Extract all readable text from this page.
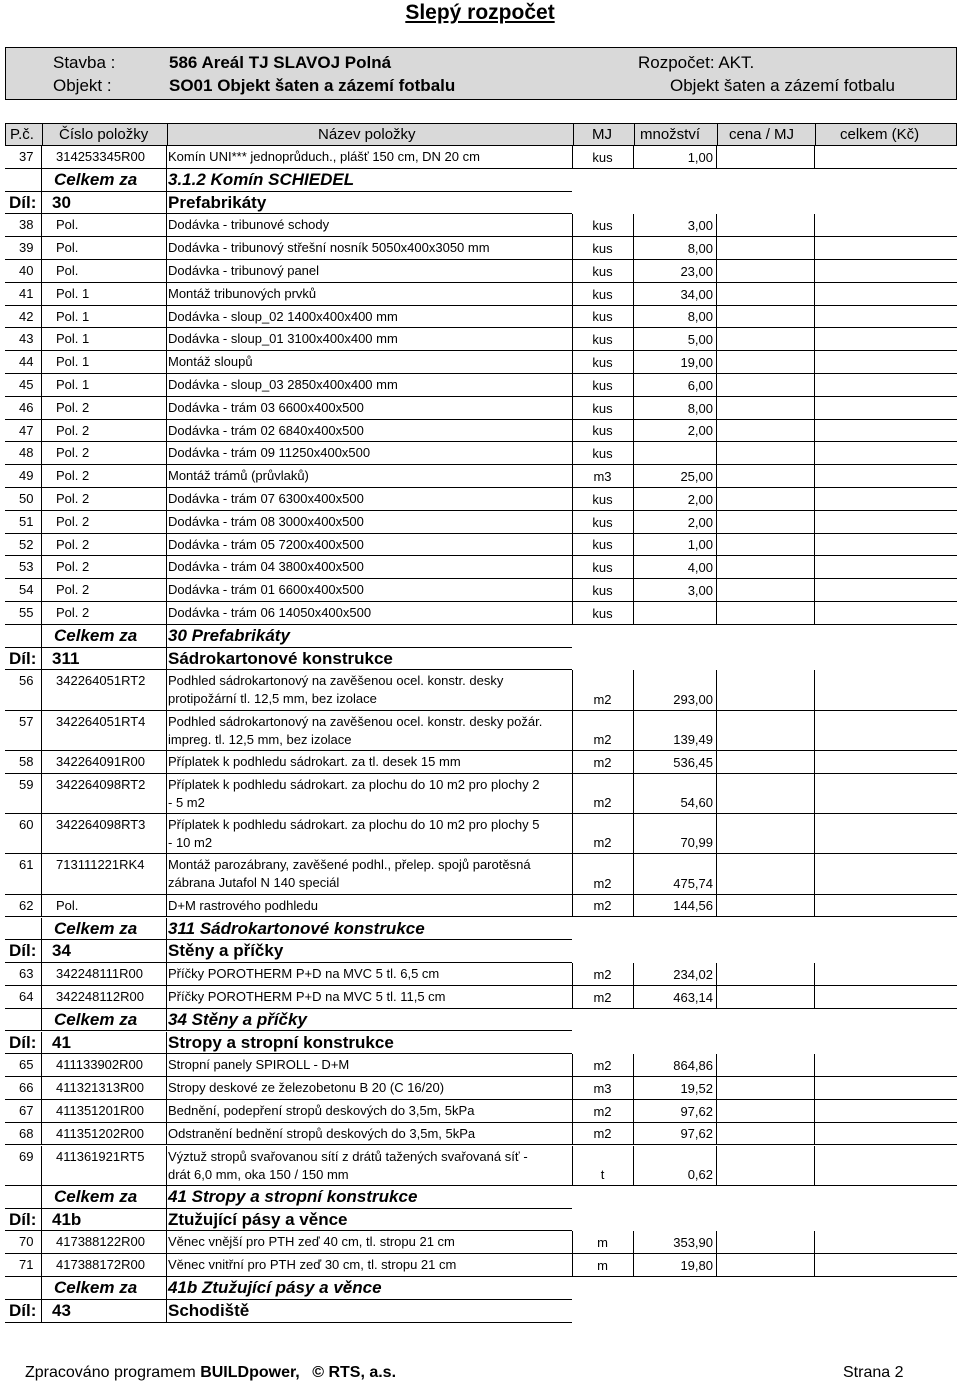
Slepý rozpočet
Stavba :	586 Areál TJ SLAVOJ Polná
Objekt :	SO01 Objekt šaten a zázemí fotbalu
Rozpočet: AKT.
Objekt šaten a zázemí fotbalu
P.č. Číslo položky	Název položky	MJ množství cena / MJ	celkem (Kč)
37 314253345R00 Komín UNI*** jednoprůduch., plášť 150 cm, DN 20 cm	kus	1,00
Celkem za 3.1.2 Komín SCHIEDEL
Díl: 30	Prefabrikáty
38 Pol.	Dodávka - tribunové schody	kus	3,00
39 Pol.	Dodávka - tribunový střešní nosník 5050x400x3050 mm	kus	8,00
40 Pol.	Dodávka - tribunový panel	kus	23,00
41 Pol. 1	Montáž tribunových prvků	kus	34,00
42 Pol. 1	Dodávka - sloup_02 1400x400x400 mm	kus	8,00
43 Pol. 1	Dodávka - sloup_01 3100x400x400 mm	kus	5,00
44 Pol. 1	Montáž sloupů	kus	19,00
45 Pol. 1	Dodávka - sloup_03 2850x400x400 mm	kus	6,00
46 Pol. 2	Dodávka - trám 03 6600x400x500	kus	8,00
47 Pol. 2	Dodávka - trám 02 6840x400x500	kus	2,00
48 Pol. 2	Dodávka - trám 09 11250x400x500	kus
49 Pol. 2	Montáž trámů (průvlaků)	m3	25,00
50 Pol. 2	Dodávka - trám 07 6300x400x500	kus	2,00
51 Pol. 2	Dodávka - trám 08 3000x400x500	kus	2,00
52 Pol. 2	Dodávka - trám 05 7200x400x500	kus	1,00
53 Pol. 2	Dodávka - trám 04 3800x400x500	kus	4,00
54 Pol. 2	Dodávka - trám 01 6600x400x500	kus	3,00
55 Pol. 2	Dodávka - trám 06 14050x400x500	kus
Celkem za 30 Prefabrikáty
Díl: 311	Sádrokartonové konstrukce
56 342264051RT2 Podhled sádrokartonový na zavěšenou ocel. konstr. desky
protipožární tl. 12,5 mm, bez izolace	m2	293,00
57 342264051RT4 Podhled sádrokartonový na zavěšenou ocel. konstr. desky požár.
impreg. tl. 12,5 mm, bez izolace	m2	139,49
58 342264091R00 Příplatek k podhledu sádrokart. za tl. desek 15 mm	m2	536,45
59 342264098RT2 Příplatek k podhledu sádrokart. za plochu do 10 m2 pro plochy 2
- 5 m2	m2	54,60
60 342264098RT3 Příplatek k podhledu sádrokart. za plochu do 10 m2 pro plochy 5
- 10 m2	m2	70,99
61 713111221RK4 Montáž parozábrany, zavěšené podhl., přelep. spojů parotěsná
zábrana Jutafol N 140 speciál	m2	475,74
62 Pol.	D+M rastrového podhledu	m2	144,56
Celkem za 311 Sádrokartonové konstrukce
Díl: 34	Stěny a příčky
63 342248111R00 Příčky POROTHERM P+D na MVC 5 tl. 6,5 cm	m2	234,02
64 342248112R00 Příčky POROTHERM P+D na MVC 5 tl. 11,5 cm	m2	463,14
Celkem za 34 Stěny a příčky
Díl: 41	Stropy a stropní konstrukce
65 411133902R00 Stropní panely SPIROLL - D+M	m2	864,86
66 411321313R00 Stropy deskové ze železobetonu B 20 (C 16/20)	m3	19,52
67 411351201R00 Bednění, podepření stropů deskových do 3,5m, 5kPa	m2	97,62
68 411351202R00 Odstranění bednění stropů deskových do 3,5m, 5kPa	m2	97,62
69 411361921RT5 Výztuž stropů svařovanou sítí z drátů tažených svařovaná síť -
drát 6,0 mm, oka 150 / 150 mm	t	0,62
Celkem za 41 Stropy a stropní konstrukce
Díl: 41b	Ztužující pásy a věnce
70 417388122R00 Věnec vnější pro PTH zeď 40 cm, tl. stropu 21 cm	m	353,90
71 417388172R00 Věnec vnitřní pro PTH zeď 30 cm, tl. stropu 21 cm	m	19,80
Celkem za 41b Ztužující pásy a věnce
Díl: 43	Schodiště
Zpracováno programem BUILDpower, © RTS, a.s.	Strana 2
